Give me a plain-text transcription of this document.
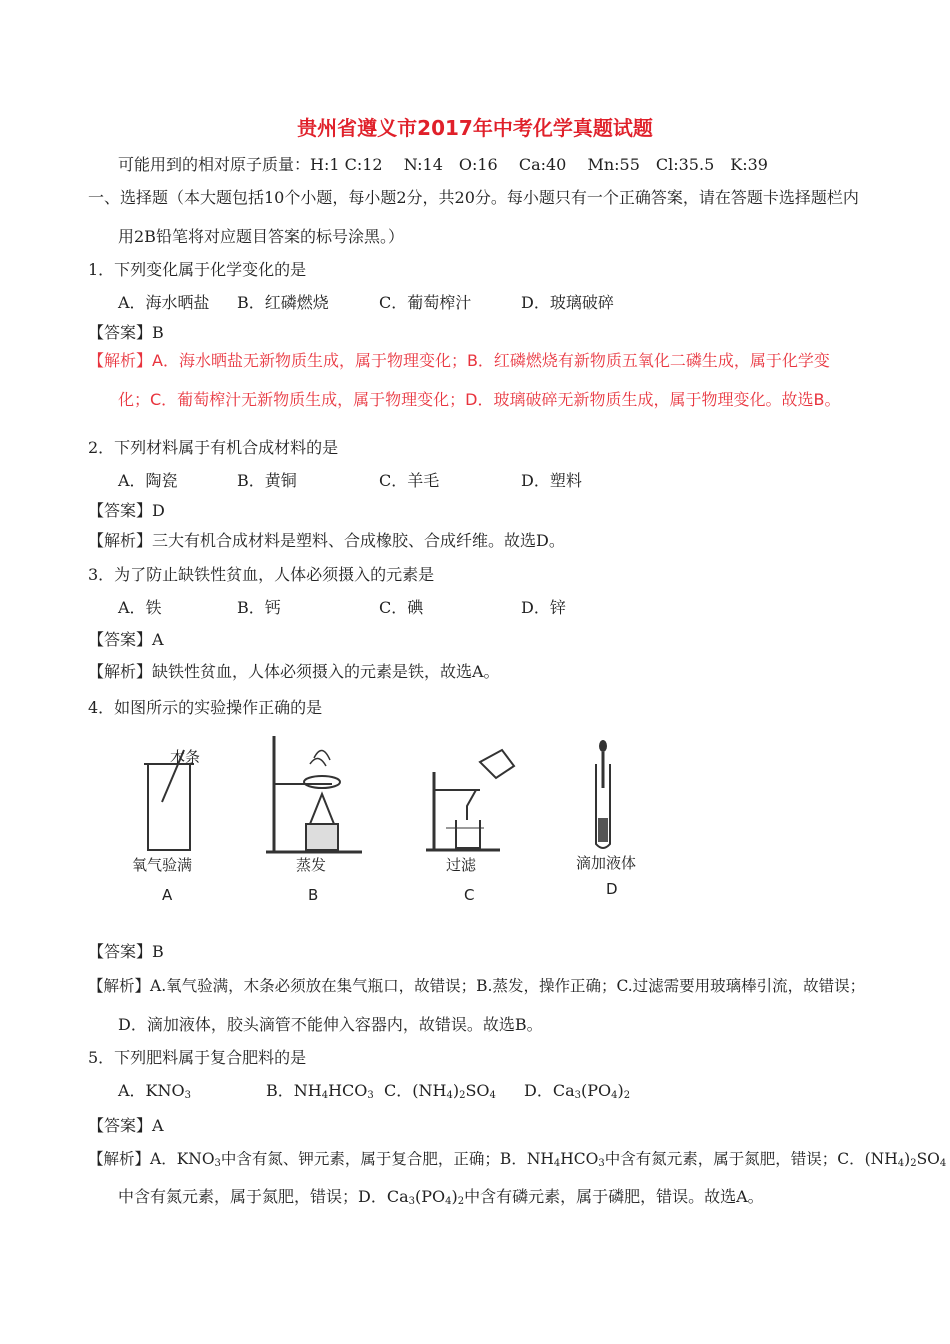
贵州省遵义市2017年中考化学真题试题
可能用到的相对原子质量：H:1 C:12　 N:14　O:16　 Ca:40　 Mn:55　Cl:35.5　K:39
一、选择题（本大题包括10个小题，每小题2分，共20分。每小题只有一个正确答案，请在答题卡选择题栏内
用2B铅笔将对应题目答案的标号涂黑。）
1．下列变化属于化学变化的是
A．海水晒盐 B．红磷燃烧	C．葡萄榨汁	D．玻璃破碎
【答案】B
【解析】A．海水晒盐无新物质生成，属于物理变化；B．红磷燃烧有新物质五氧化二磷生成，属于化学变
化；C．葡萄榨汁无新物质生成，属于物理变化；D．玻璃破碎无新物质生成，属于物理变化。故选B。
2．下列材料属于有机合成材料的是
A．陶瓷	B．黄铜	C．羊毛	D．塑料
【答案】D
【解析】三大有机合成材料是塑料、合成橡胶、合成纤维。故选D。
3．为了防止缺铁性贫血，人体必须摄入的元素是
A．铁	B．钙	C．碘	D．锌
【答案】A
【解析】缺铁性贫血，人体必须摄入的元素是铁，故选A。
4．如图所示的实验操作正确的是
木条
氧气验满
A
蒸发
B
过滤
C
滴加液体
D
【答案】B
【解析】A.氧气验满，木条必须放在集气瓶口，故错误；B.蒸发，操作正确；C.过滤需要用玻璃棒引流，故错误；
D．滴加液体，胶头滴管不能伸入容器内，故错误。故选B。
5．下列肥料属于复合肥料的是
A．$KNO_3$	B．$NH_4HCO_3$ C．$(NH_4)_2SO_4$ D．$Ca_3(PO_4)_2$
【答案】A
【解析】A．$KNO_3$中含有氮、钾元素，属于复合肥，正确；B．$NH_4HCO_3$中含有氮元素，属于氮肥，错误；C．$(NH_4)_2SO_4$
中含有氮元素，属于氮肥，错误；D．$Ca_3(PO_4)_2$中含有磷元素，属于磷肥，错误。故选A。
